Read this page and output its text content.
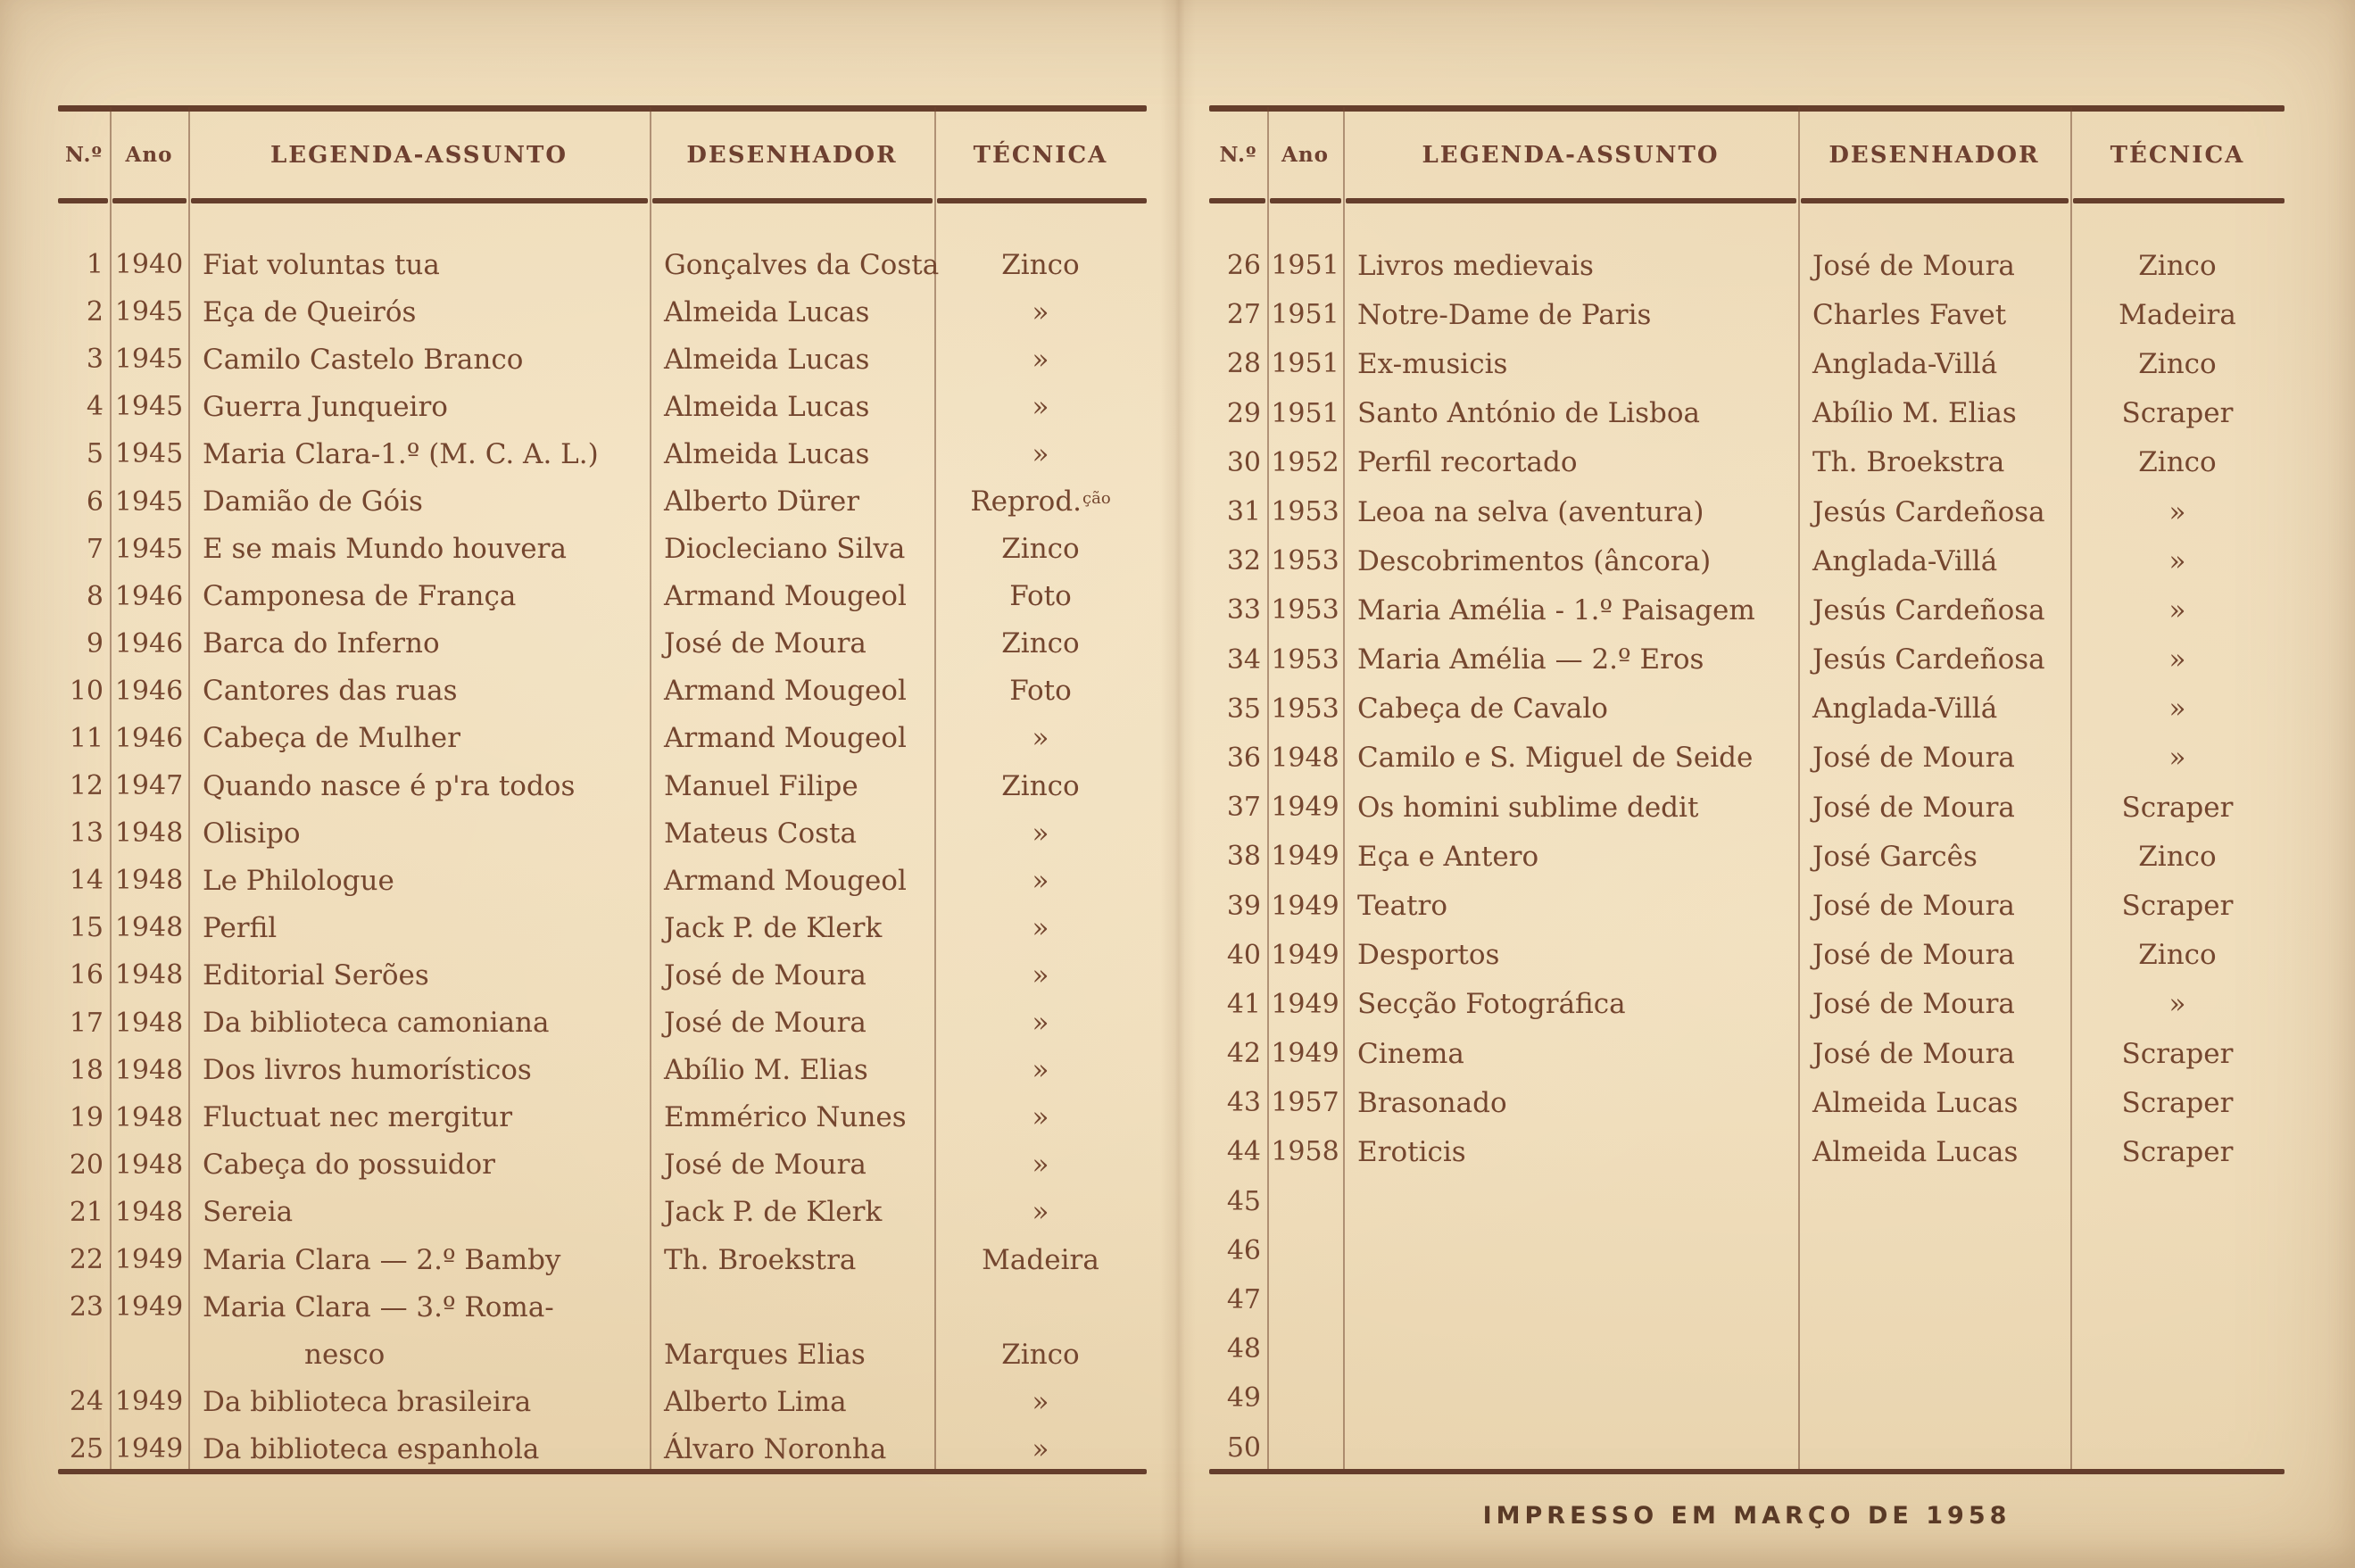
N.º	Ano	LEGENDA-ASSUNTO	DESENHADOR	TÉCNICA
1 1940 Fiat voluntas tua	Gonçalves da Costa	Zinco
2 1945 Eça de Queirós	Almeida Lucas	»
3 1945 Camilo Castelo Branco	Almeida Lucas	»
4 1945 Guerra Junqueiro	Almeida Lucas	»
5 1945 Maria Clara-1.º (M. C. A. L.)	Almeida Lucas	»
6 1945 Damião de Góis	Alberto Dürer	Reprod. ção
7 1945 E se mais Mundo houvera	Diocleciano Silva	Zinco
8 1946 Camponesa de França	Armand Mougeol	Foto
9 1946 Barca do Inferno	José de Moura	Zinco
10 1946 Cantores das ruas	Armand Mougeol	Foto
11 1946 Cabeça de Mulher	Armand Mougeol	»
12 1947 Quando nasce é p'ra todos	Manuel Filipe	Zinco
13 1948 Olisipo	Mateus Costa	»
14 1948 Le Philologue	Armand Mougeol	»
15 1948 Perfil	Jack P. de Klerk	»
16 1948 Editorial Serões	José de Moura	»
17 1948 Da biblioteca camoniana	José de Moura	»
18 1948 Dos livros humorísticos	Abílio M. Elias	»
19 1948 Fluctuat nec mergitur	Emmérico Nunes	»
20 1948 Cabeça do possuidor	José de Moura	»
21 1948 Sereia	Jack P. de Klerk	»
22 1949 Maria Clara — 2.º Bamby	Th. Broekstra	Madeira
23 1949 Maria Clara — 3.º Roma-
nesco	Marques Elias	Zinco
24 1949 Da biblioteca brasileira	Alberto Lima	»
25 1949 Da biblioteca espanhola	Álvaro Noronha	»
N.º	Ano	LEGENDA-ASSUNTO	DESENHADOR	TÉCNICA
26 1951 Livros medievais	José de Moura	Zinco
27 1951 Notre-Dame de Paris	Charles Favet	Madeira
28 1951 Ex-musicis	Anglada-Villá	Zinco
29 1951 Santo António de Lisboa	Abílio M. Elias	Scraper
30 1952 Perfil recortado	Th. Broekstra	Zinco
31 1953 Leoa na selva (aventura)	Jesús Cardeñosa	»
32 1953 Descobrimentos (âncora)	Anglada-Villá	»
33 1953 Maria Amélia - 1.º Paisagem	Jesús Cardeñosa	»
34 1953 Maria Amélia — 2.º Eros	Jesús Cardeñosa	»
35 1953 Cabeça de Cavalo	Anglada-Villá	»
36 1948 Camilo e S. Miguel de Seide	José de Moura	»
37 1949 Os homini sublime dedit	José de Moura	Scraper
38 1949 Eça e Antero	José Garcês	Zinco
39 1949 Teatro	José de Moura	Scraper
40 1949 Desportos	José de Moura	Zinco
41 1949 Secção Fotográfica	José de Moura	»
42 1949 Cinema	José de Moura	Scraper
43 1957 Brasonado	Almeida Lucas	Scraper
44 1958 Eroticis	Almeida Lucas	Scraper
45
46
47
48
49
50
IMPRESSO EM MARÇO DE 1958
